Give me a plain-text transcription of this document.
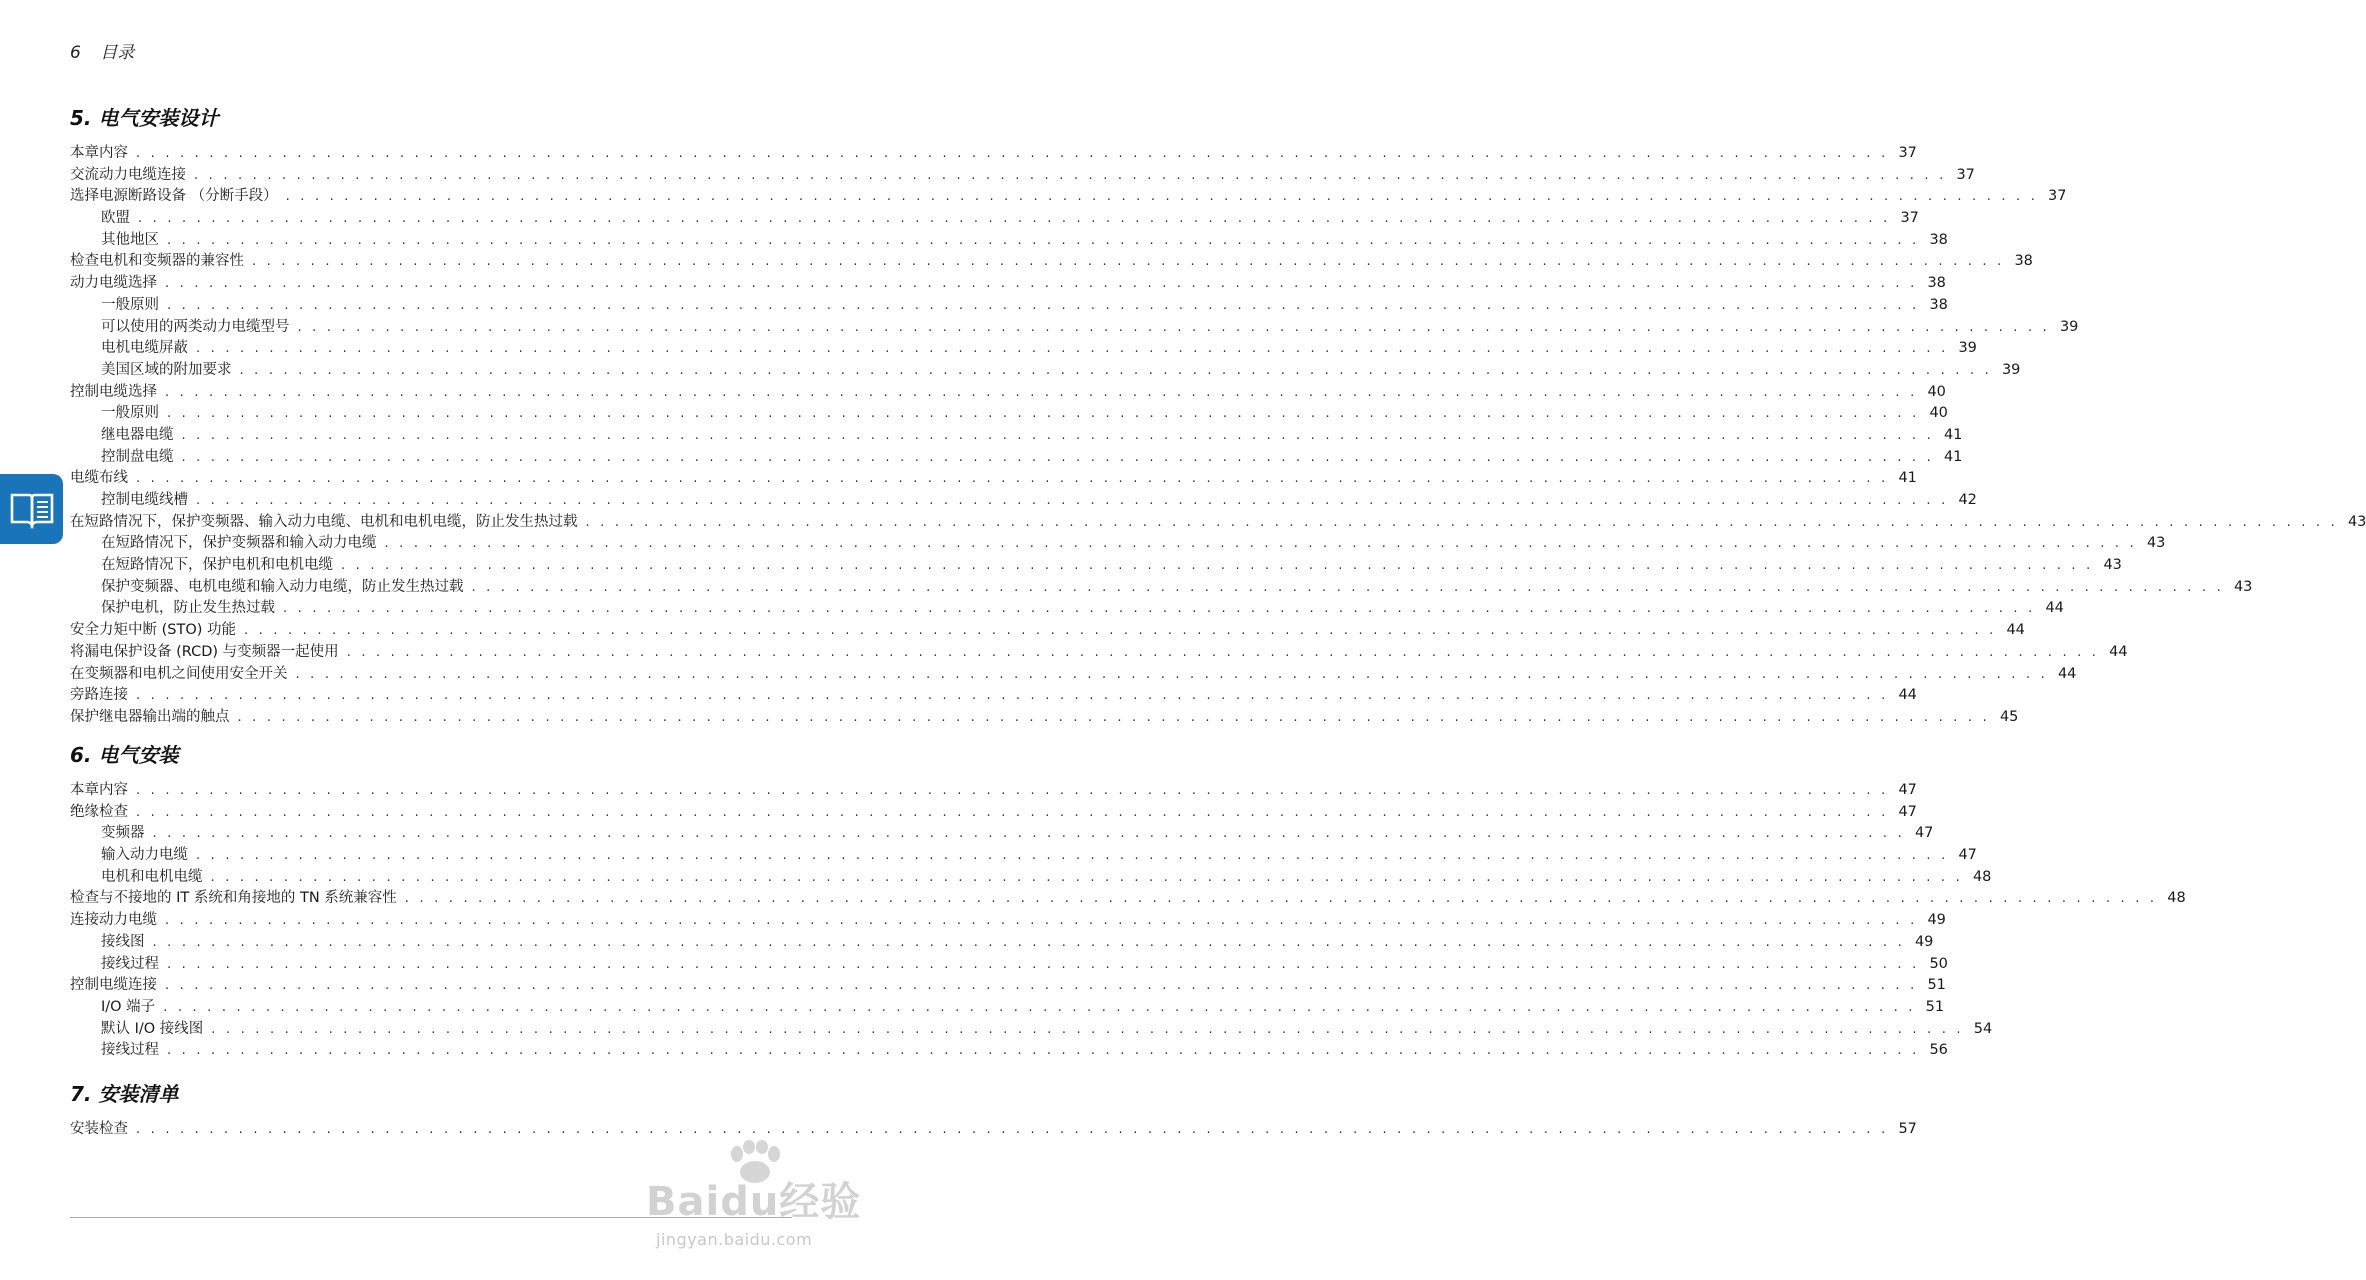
6 目录
5. 电气安装设计
本章内容 . . . . . . . . . . . . . . . . . . . . . . . . . . . . . . . . . . . . . . . . . . . . . . . . . . . . . . . . . . . . . . . . . . . . . . . . . . . . . . . . . . . . . . . . . . . . . . . . . . . . . . . . . . . . . . . . . . . . . . . . 37
交流动力电缆连接 . . . . . . . . . . . . . . . . . . . . . . . . . . . . . . . . . . . . . . . . . . . . . . . . . . . . . . . . . . . . . . . . . . . . . . . . . . . . . . . . . . . . . . . . . . . . . . . . . . . . . . . . . . . . . . . . . . . . . . . . 37
选择电源断路设备 （分断手段） . . . . . . . . . . . . . . . . . . . . . . . . . . . . . . . . . . . . . . . . . . . . . . . . . . . . . . . . . . . . . . . . . . . . . . . . . . . . . . . . . . . . . . . . . . . . . . . . . . . . . . . . . . . . . . . . . . . . . . . . 37
欧盟 . . . . . . . . . . . . . . . . . . . . . . . . . . . . . . . . . . . . . . . . . . . . . . . . . . . . . . . . . . . . . . . . . . . . . . . . . . . . . . . . . . . . . . . . . . . . . . . . . . . . . . . . . . . . . . . . . . . . . . . . 37
其他地区 . . . . . . . . . . . . . . . . . . . . . . . . . . . . . . . . . . . . . . . . . . . . . . . . . . . . . . . . . . . . . . . . . . . . . . . . . . . . . . . . . . . . . . . . . . . . . . . . . . . . . . . . . . . . . . . . . . . . . . . . 38
检查电机和变频器的兼容性 . . . . . . . . . . . . . . . . . . . . . . . . . . . . . . . . . . . . . . . . . . . . . . . . . . . . . . . . . . . . . . . . . . . . . . . . . . . . . . . . . . . . . . . . . . . . . . . . . . . . . . . . . . . . . . . . . . . . . . . . 38
动力电缆选择 . . . . . . . . . . . . . . . . . . . . . . . . . . . . . . . . . . . . . . . . . . . . . . . . . . . . . . . . . . . . . . . . . . . . . . . . . . . . . . . . . . . . . . . . . . . . . . . . . . . . . . . . . . . . . . . . . . . . . . . . 38
一般原则 . . . . . . . . . . . . . . . . . . . . . . . . . . . . . . . . . . . . . . . . . . . . . . . . . . . . . . . . . . . . . . . . . . . . . . . . . . . . . . . . . . . . . . . . . . . . . . . . . . . . . . . . . . . . . . . . . . . . . . . . 38
可以使用的两类动力电缆型号 . . . . . . . . . . . . . . . . . . . . . . . . . . . . . . . . . . . . . . . . . . . . . . . . . . . . . . . . . . . . . . . . . . . . . . . . . . . . . . . . . . . . . . . . . . . . . . . . . . . . . . . . . . . . . . . . . . . . . . . . 39
电机电缆屏蔽 . . . . . . . . . . . . . . . . . . . . . . . . . . . . . . . . . . . . . . . . . . . . . . . . . . . . . . . . . . . . . . . . . . . . . . . . . . . . . . . . . . . . . . . . . . . . . . . . . . . . . . . . . . . . . . . . . . . . . . . . 39
美国区域的附加要求 . . . . . . . . . . . . . . . . . . . . . . . . . . . . . . . . . . . . . . . . . . . . . . . . . . . . . . . . . . . . . . . . . . . . . . . . . . . . . . . . . . . . . . . . . . . . . . . . . . . . . . . . . . . . . . . . . . . . . . . . 39
控制电缆选择 . . . . . . . . . . . . . . . . . . . . . . . . . . . . . . . . . . . . . . . . . . . . . . . . . . . . . . . . . . . . . . . . . . . . . . . . . . . . . . . . . . . . . . . . . . . . . . . . . . . . . . . . . . . . . . . . . . . . . . . . 40
一般原则 . . . . . . . . . . . . . . . . . . . . . . . . . . . . . . . . . . . . . . . . . . . . . . . . . . . . . . . . . . . . . . . . . . . . . . . . . . . . . . . . . . . . . . . . . . . . . . . . . . . . . . . . . . . . . . . . . . . . . . . . 40
继电器电缆 . . . . . . . . . . . . . . . . . . . . . . . . . . . . . . . . . . . . . . . . . . . . . . . . . . . . . . . . . . . . . . . . . . . . . . . . . . . . . . . . . . . . . . . . . . . . . . . . . . . . . . . . . . . . . . . . . . . . . . . . 41
控制盘电缆 . . . . . . . . . . . . . . . . . . . . . . . . . . . . . . . . . . . . . . . . . . . . . . . . . . . . . . . . . . . . . . . . . . . . . . . . . . . . . . . . . . . . . . . . . . . . . . . . . . . . . . . . . . . . . . . . . . . . . . . . 41
电缆布线 . . . . . . . . . . . . . . . . . . . . . . . . . . . . . . . . . . . . . . . . . . . . . . . . . . . . . . . . . . . . . . . . . . . . . . . . . . . . . . . . . . . . . . . . . . . . . . . . . . . . . . . . . . . . . . . . . . . . . . . . 41
控制电缆线槽 . . . . . . . . . . . . . . . . . . . . . . . . . . . . . . . . . . . . . . . . . . . . . . . . . . . . . . . . . . . . . . . . . . . . . . . . . . . . . . . . . . . . . . . . . . . . . . . . . . . . . . . . . . . . . . . . . . . . . . . . 42
在短路情况下，保护变频器、输入动力电缆、电机和电机电缆，防止发生热过载 . . . . . . . . . . . . . . . . . . . . . . . . . . . . . . . . . . . . . . . . . . . . . . . . . . . . . . . . . . . . . . . . . . . . . . . . . . . . . . . . . . . . . . . . . . . . . . . . . . . . . . . . . . . . . . . . . . . . . . . . 43
在短路情况下，保护变频器和输入动力电缆 . . . . . . . . . . . . . . . . . . . . . . . . . . . . . . . . . . . . . . . . . . . . . . . . . . . . . . . . . . . . . . . . . . . . . . . . . . . . . . . . . . . . . . . . . . . . . . . . . . . . . . . . . . . . . . . . . . . . . . . . 43
在短路情况下，保护电机和电机电缆 . . . . . . . . . . . . . . . . . . . . . . . . . . . . . . . . . . . . . . . . . . . . . . . . . . . . . . . . . . . . . . . . . . . . . . . . . . . . . . . . . . . . . . . . . . . . . . . . . . . . . . . . . . . . . . . . . . . . . . . . 43
保护变频器、电机电缆和输入动力电缆，防止发生热过载 . . . . . . . . . . . . . . . . . . . . . . . . . . . . . . . . . . . . . . . . . . . . . . . . . . . . . . . . . . . . . . . . . . . . . . . . . . . . . . . . . . . . . . . . . . . . . . . . . . . . . . . . . . . . . . . . . . . . . . . . 43
保护电机，防止发生热过载 . . . . . . . . . . . . . . . . . . . . . . . . . . . . . . . . . . . . . . . . . . . . . . . . . . . . . . . . . . . . . . . . . . . . . . . . . . . . . . . . . . . . . . . . . . . . . . . . . . . . . . . . . . . . . . . . . . . . . . . . 44
安全力矩中断 (STO) 功能 . . . . . . . . . . . . . . . . . . . . . . . . . . . . . . . . . . . . . . . . . . . . . . . . . . . . . . . . . . . . . . . . . . . . . . . . . . . . . . . . . . . . . . . . . . . . . . . . . . . . . . . . . . . . . . . . . . . . . . . . 44
将漏电保护设备 (RCD) 与变频器一起使用 . . . . . . . . . . . . . . . . . . . . . . . . . . . . . . . . . . . . . . . . . . . . . . . . . . . . . . . . . . . . . . . . . . . . . . . . . . . . . . . . . . . . . . . . . . . . . . . . . . . . . . . . . . . . . . . . . . . . . . . . 44
在变频器和电机之间使用安全开关 . . . . . . . . . . . . . . . . . . . . . . . . . . . . . . . . . . . . . . . . . . . . . . . . . . . . . . . . . . . . . . . . . . . . . . . . . . . . . . . . . . . . . . . . . . . . . . . . . . . . . . . . . . . . . . . . . . . . . . . . 44
旁路连接 . . . . . . . . . . . . . . . . . . . . . . . . . . . . . . . . . . . . . . . . . . . . . . . . . . . . . . . . . . . . . . . . . . . . . . . . . . . . . . . . . . . . . . . . . . . . . . . . . . . . . . . . . . . . . . . . . . . . . . . . 44
保护继电器输出端的触点 . . . . . . . . . . . . . . . . . . . . . . . . . . . . . . . . . . . . . . . . . . . . . . . . . . . . . . . . . . . . . . . . . . . . . . . . . . . . . . . . . . . . . . . . . . . . . . . . . . . . . . . . . . . . . . . . . . . . . . . . 45
6. 电气安装
本章内容 . . . . . . . . . . . . . . . . . . . . . . . . . . . . . . . . . . . . . . . . . . . . . . . . . . . . . . . . . . . . . . . . . . . . . . . . . . . . . . . . . . . . . . . . . . . . . . . . . . . . . . . . . . . . . . . . . . . . . . . . 47
绝缘检查 . . . . . . . . . . . . . . . . . . . . . . . . . . . . . . . . . . . . . . . . . . . . . . . . . . . . . . . . . . . . . . . . . . . . . . . . . . . . . . . . . . . . . . . . . . . . . . . . . . . . . . . . . . . . . . . . . . . . . . . . 47
变频器 . . . . . . . . . . . . . . . . . . . . . . . . . . . . . . . . . . . . . . . . . . . . . . . . . . . . . . . . . . . . . . . . . . . . . . . . . . . . . . . . . . . . . . . . . . . . . . . . . . . . . . . . . . . . . . . . . . . . . . . . 47
输入动力电缆 . . . . . . . . . . . . . . . . . . . . . . . . . . . . . . . . . . . . . . . . . . . . . . . . . . . . . . . . . . . . . . . . . . . . . . . . . . . . . . . . . . . . . . . . . . . . . . . . . . . . . . . . . . . . . . . . . . . . . . . . 47
电机和电机电缆 . . . . . . . . . . . . . . . . . . . . . . . . . . . . . . . . . . . . . . . . . . . . . . . . . . . . . . . . . . . . . . . . . . . . . . . . . . . . . . . . . . . . . . . . . . . . . . . . . . . . . . . . . . . . . . . . . . . . . . . . 48
检查与不接地的 IT 系统和角接地的 TN 系统兼容性 . . . . . . . . . . . . . . . . . . . . . . . . . . . . . . . . . . . . . . . . . . . . . . . . . . . . . . . . . . . . . . . . . . . . . . . . . . . . . . . . . . . . . . . . . . . . . . . . . . . . . . . . . . . . . . . . . . . . . . . . 48
连接动力电缆 . . . . . . . . . . . . . . . . . . . . . . . . . . . . . . . . . . . . . . . . . . . . . . . . . . . . . . . . . . . . . . . . . . . . . . . . . . . . . . . . . . . . . . . . . . . . . . . . . . . . . . . . . . . . . . . . . . . . . . . . 49
接线图 . . . . . . . . . . . . . . . . . . . . . . . . . . . . . . . . . . . . . . . . . . . . . . . . . . . . . . . . . . . . . . . . . . . . . . . . . . . . . . . . . . . . . . . . . . . . . . . . . . . . . . . . . . . . . . . . . . . . . . . . 49
接线过程 . . . . . . . . . . . . . . . . . . . . . . . . . . . . . . . . . . . . . . . . . . . . . . . . . . . . . . . . . . . . . . . . . . . . . . . . . . . . . . . . . . . . . . . . . . . . . . . . . . . . . . . . . . . . . . . . . . . . . . . . 50
控制电缆连接 . . . . . . . . . . . . . . . . . . . . . . . . . . . . . . . . . . . . . . . . . . . . . . . . . . . . . . . . . . . . . . . . . . . . . . . . . . . . . . . . . . . . . . . . . . . . . . . . . . . . . . . . . . . . . . . . . . . . . . . . 51
I/O 端子 . . . . . . . . . . . . . . . . . . . . . . . . . . . . . . . . . . . . . . . . . . . . . . . . . . . . . . . . . . . . . . . . . . . . . . . . . . . . . . . . . . . . . . . . . . . . . . . . . . . . . . . . . . . . . . . . . . . . . . . . 51
默认 I/O 接线图 . . . . . . . . . . . . . . . . . . . . . . . . . . . . . . . . . . . . . . . . . . . . . . . . . . . . . . . . . . . . . . . . . . . . . . . . . . . . . . . . . . . . . . . . . . . . . . . . . . . . . . . . . . . . . . . . . . . . . . . . 54
接线过程 . . . . . . . . . . . . . . . . . . . . . . . . . . . . . . . . . . . . . . . . . . . . . . . . . . . . . . . . . . . . . . . . . . . . . . . . . . . . . . . . . . . . . . . . . . . . . . . . . . . . . . . . . . . . . . . . . . . . . . . . 56
7. 安装清单
安装检查 . . . . . . . . . . . . . . . . . . . . . . . . . . . . . . . . . . . . . . . . . . . . . . . . . . . . . . . . . . . . . . . . . . . . . . . . . . . . . . . . . . . . . . . . . . . . . . . . . . . . . . . . . . . . . . . . . . . . . . . . 57
Baidu经验
jingyan.baidu.com
